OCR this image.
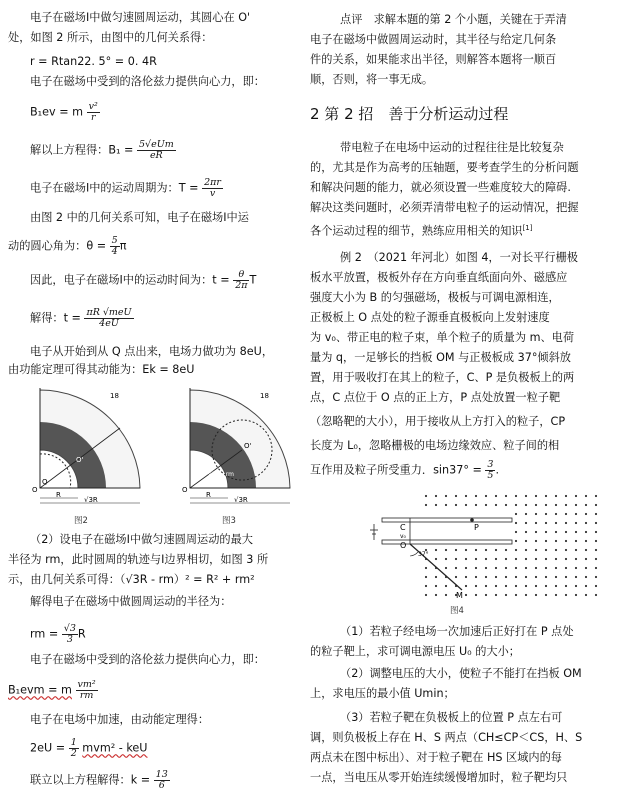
电子在磁场Ⅰ中做匀速圆周运动，其圆心在 O'
处，如图 2 所示，由图中的几何关系得：
r = Rtan22. 5° = 0. 4R
电子在磁场中受到的洛伦兹力提供向心力，即：
B₁ev = m $\frac{\text{v²}}{r}$
解以上方程得：$B_1 = \frac{\text{5√eUm}}{eR}$
电子在磁场Ⅰ中的运动周期为：$T = \frac{2\pi r}{v}$
由图 2 中的几何关系可知，电子在磁场Ⅰ中运
动的圆心角为：$\theta = \frac{5}{4}$ π
因此，电子在磁场Ⅰ中的运动时间为：$t = \frac{\theta}{2\pi}$ T
解得：$t = \frac{\text{πR √meU}}{4eU}$
电子从开始到从 Q 点出来，电场力做功为 8eU，
由功能定理可得其动能为：Ek = 8eU
18
O
O'
Q
R
√3R
18
O
O'
√3R - rm
R
√3R
图2	图3
（2）设电子在磁场Ⅰ中做匀速圆周运动的最大
半径为 rm，此时圆周的轨迹与Ⅰ边界相切，如图 3 所
示，由几何关系可得：（√3R - rm）² = R² + rm²
解得电子在磁场中做圆周运动的半径为：
rm = $\frac{√3}{3}$ R
电子在磁场中受到的洛伦兹力提供向心力，即：
B₁evm = m $\frac{\text{vm²}}{rm}$
电子在电场中加速，由动能定理得：
$2eU = \frac{1}{2} mvm^2$ - keU
联立以上方程解得：$k = \frac{13}{6}$
点评　求解本题的第 2 个小题，关键在于弄清
电子在磁场中做圆周运动时，其半径与给定几何条
件的关系，如果能求出半径，则解答本题将一顺百
顺，否则，将一事无成。
2 第 2 招　善于分析运动过程
带电粒子在电场中运动的过程往往是比较复杂
的，尤其是作为高考的压轴题，要考查学生的分析问题
和解决问题的能力，就必须设置一些难度较大的障碍.
解决这类问题时，必须弄清带电粒子的运动情况，把握
各个运动过程的细节，熟练应用相关的知识[1]
例 2　（2021 年河北）如图 4，一对长平行栅极
板水平放置，极板外存在方向垂直纸面向外、磁感应
强度大小为 B 的匀强磁场，极板与可调电源相连，
正极板上 O 点处的粒子源垂直极板向上发射速度
为 v₀、带正电的粒子束，单个粒子的质量为 m、电荷
量为 q，一足够长的挡板 OM 与正极板成 37°倾斜放
置，用于吸收打在其上的粒子，C、P 是负极板上的两
点，C 点位于 O 点的正上方，P 点处放置一粒子靶
（忽略靶的大小），用于接收从上方打入的粒子，CP
长度为 L₀，忽略栅极的电场边缘效应、粒子间的相
互作用及粒子所受重力．$\sin 37^\circ = \frac{3}{5}$ .
C	P
O
M
v₀
37°
图4
（1）若粒子经电场一次加速后正好打在 P 点处
的粒子靶上，求可调电源电压 U₀ 的大小；
（2）调整电压的大小，使粒子不能打在挡板 OM
上，求电压的最小值 Umin；
（3）若粒子靶在负极板上的位置 P 点左右可
调，则负极板上存在 H、S 两点（CH≤CP＜CS，H、S
两点未在图中标出）、对于粒子靶在 HS 区域内的每
一点，当电压从零开始连续缓慢增加时，粒子靶均只
